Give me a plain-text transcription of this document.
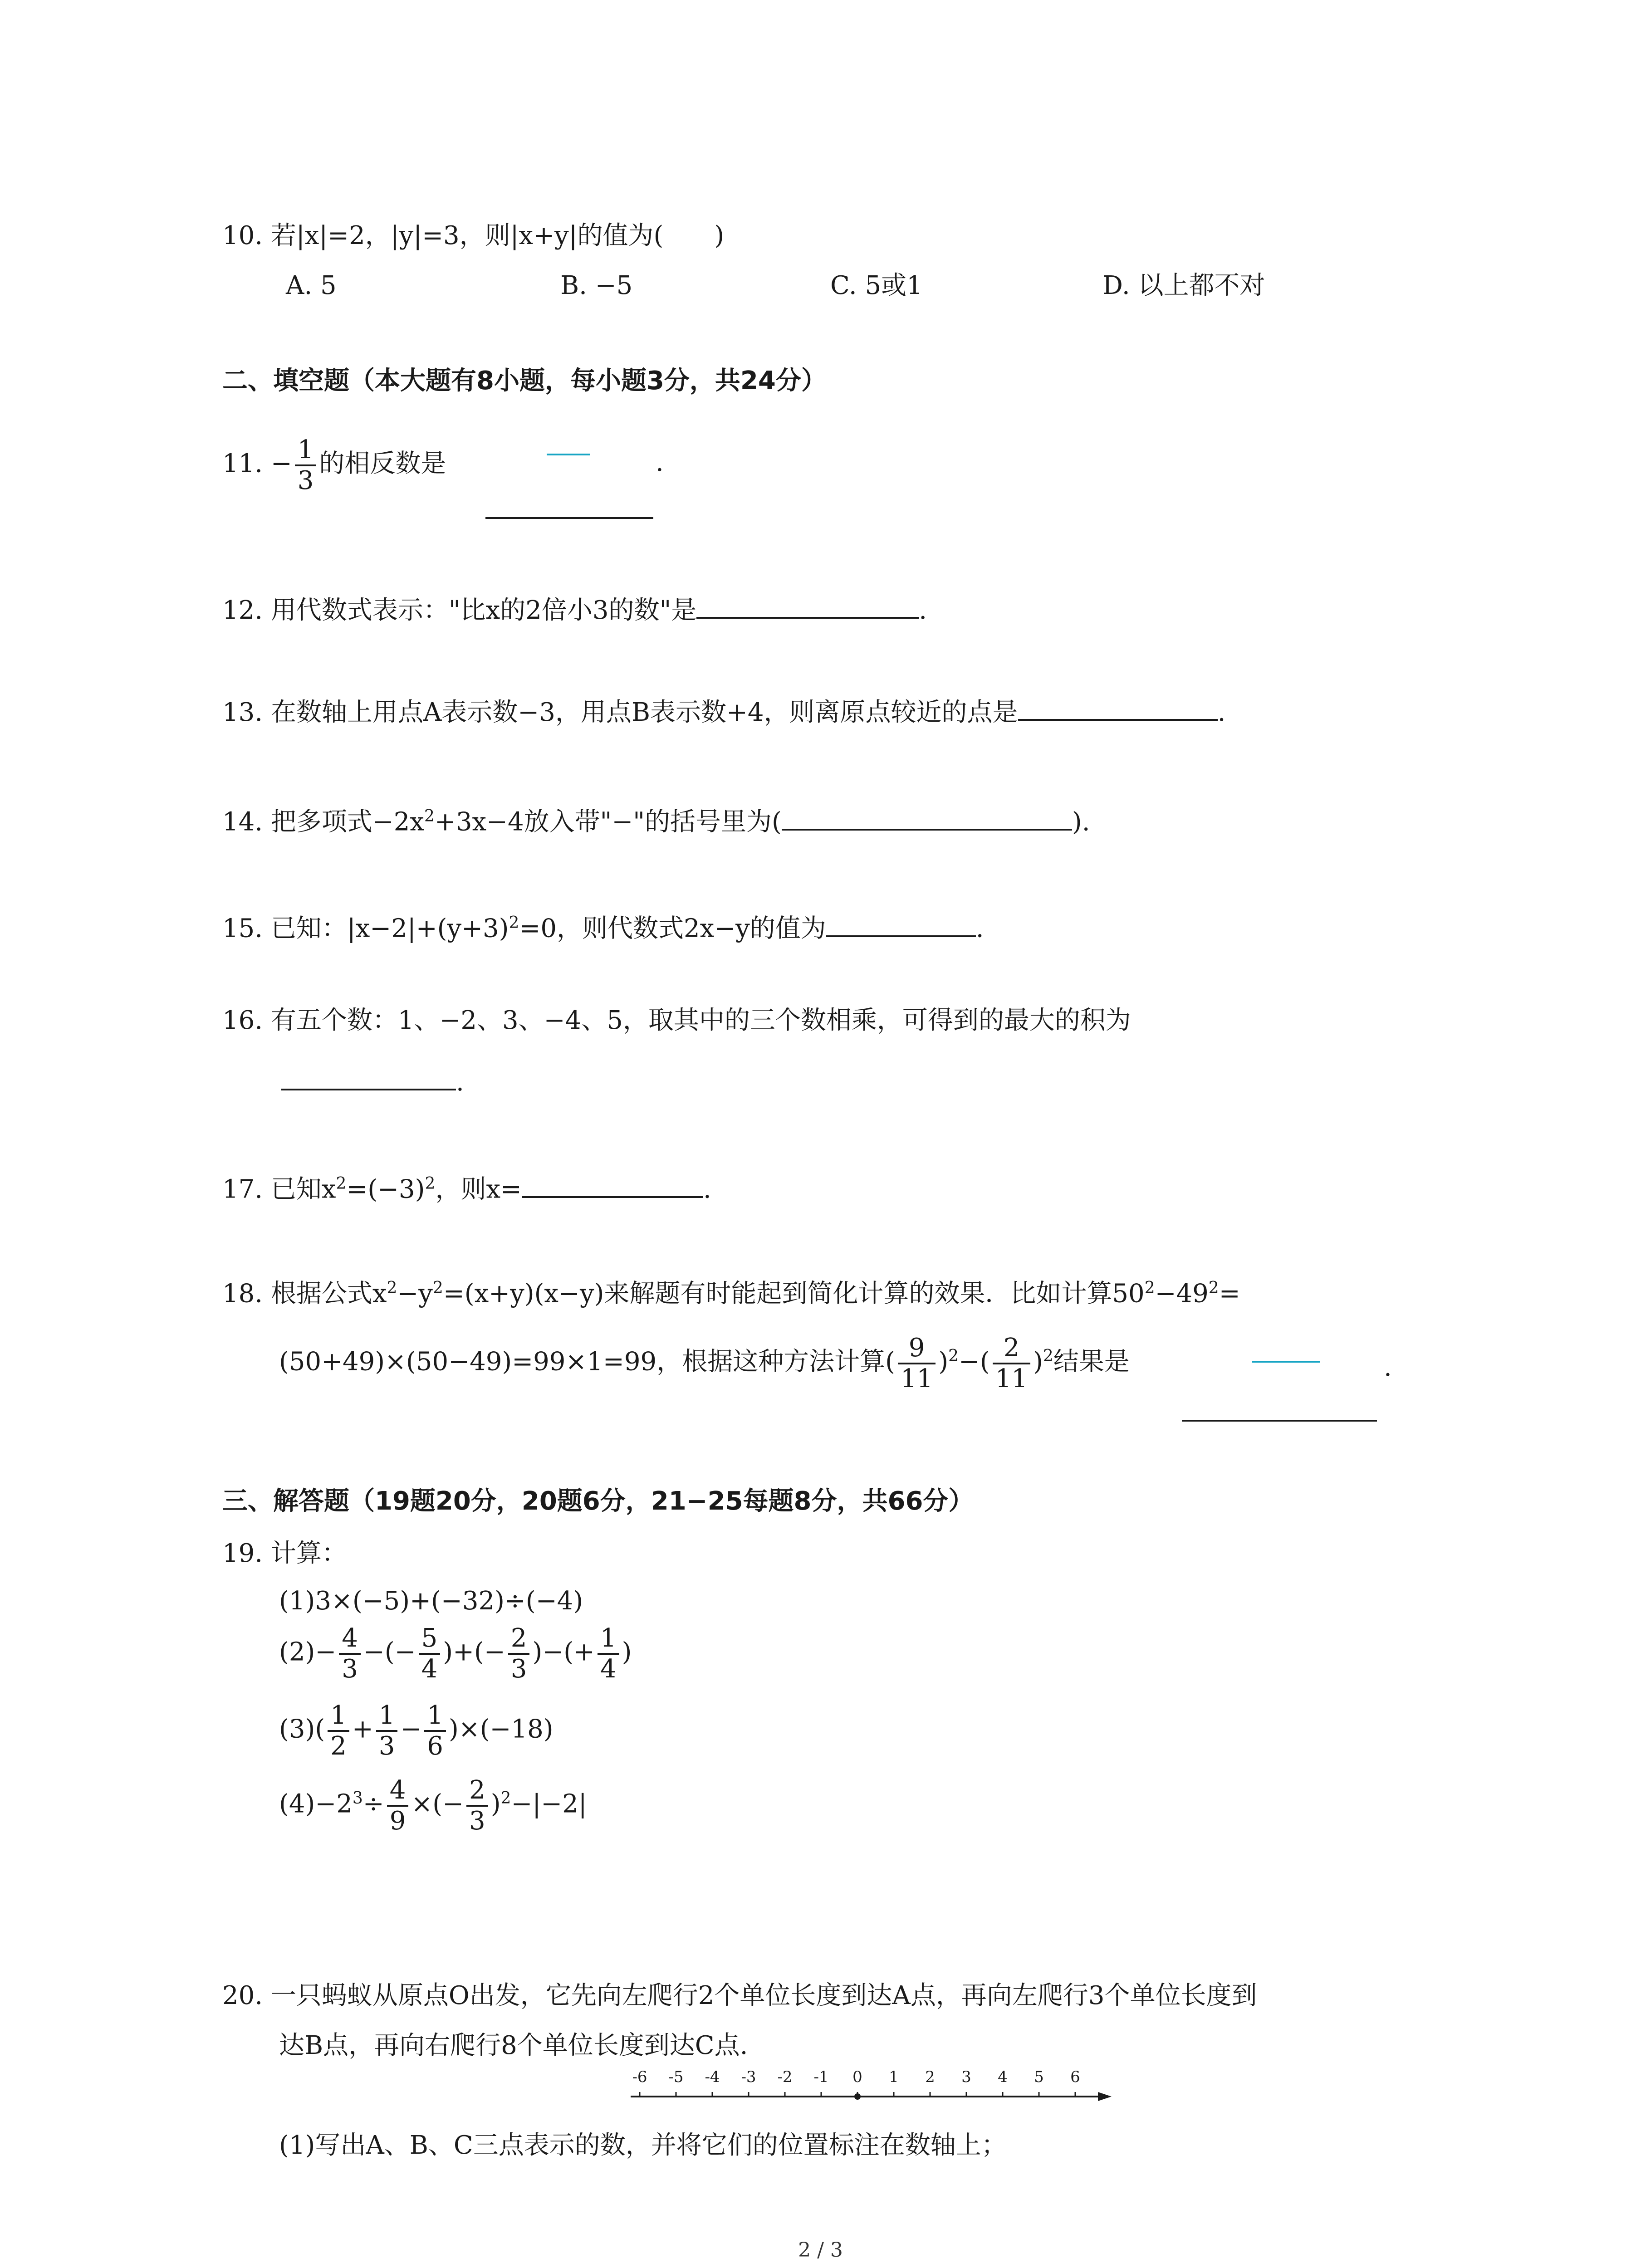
10. 若|x|=2，|y|=3，则|x+y|的值为(　　)
A. 5	B. −5	C. 5或1	D. 以上都不对
二、填空题（本大题有8小题，每小题3分，共24分）
11. − $\frac{1}{3}$ 的相反数是	.
12. 用代数式表示："比x的2倍小3的数"是	.
13. 在数轴上用点A表示数−3，用点B表示数+4，则离原点较近的点是	.
14. 把多项式$-2x^2+3x-4$放入带"−"的括号里为(	).
15. 已知：$|x-2|+(y+3)^2=0$，则代数式2x−y的值为	.
16. 有五个数：1、−2、3、−4、5，取其中的三个数相乘，可得到的最大的积为
.
17. 已知$x^2=(-3)^2$，则x=	.
18. 根据公式$x^2-y^2=(x+y)(x-y)$来解题有时能起到简化计算的效果．比如计算$50^2-49^2=$
(50+49)×(50−49)=99×1=99，根据这种方法计算( $\frac{9}{11} )^2-( \frac{2}{11} )^2$结果是	.
三、解答题（19题20分，20题6分，21−25每题8分，共66分）
19. 计算：
(1)3×(−5)+(−32)÷(−4)
$(2)- \frac{4}{3}$ −(− $\frac{5}{4}$ )+(− $\frac{2}{3}$ )−(+ $\frac{1}{4}$ )
$(3)( \frac{1}{2} + \frac{1}{3} - \frac{1}{6} )\times(-18)$
$(4)-2^3\div \frac{4}{9}$ ×(− $\frac{2}{3} )^2-|-2|$
20. 一只蚂蚁从原点O出发，它先向左爬行2个单位长度到达A点，再向左爬行3个单位长度到
达B点，再向右爬行8个单位长度到达C点.
-6 -5 -4 -3 -2 -1 0 1 2 3 4 5 6
(1)写出A、B、C三点表示的数，并将它们的位置标注在数轴上；
2 / 3
